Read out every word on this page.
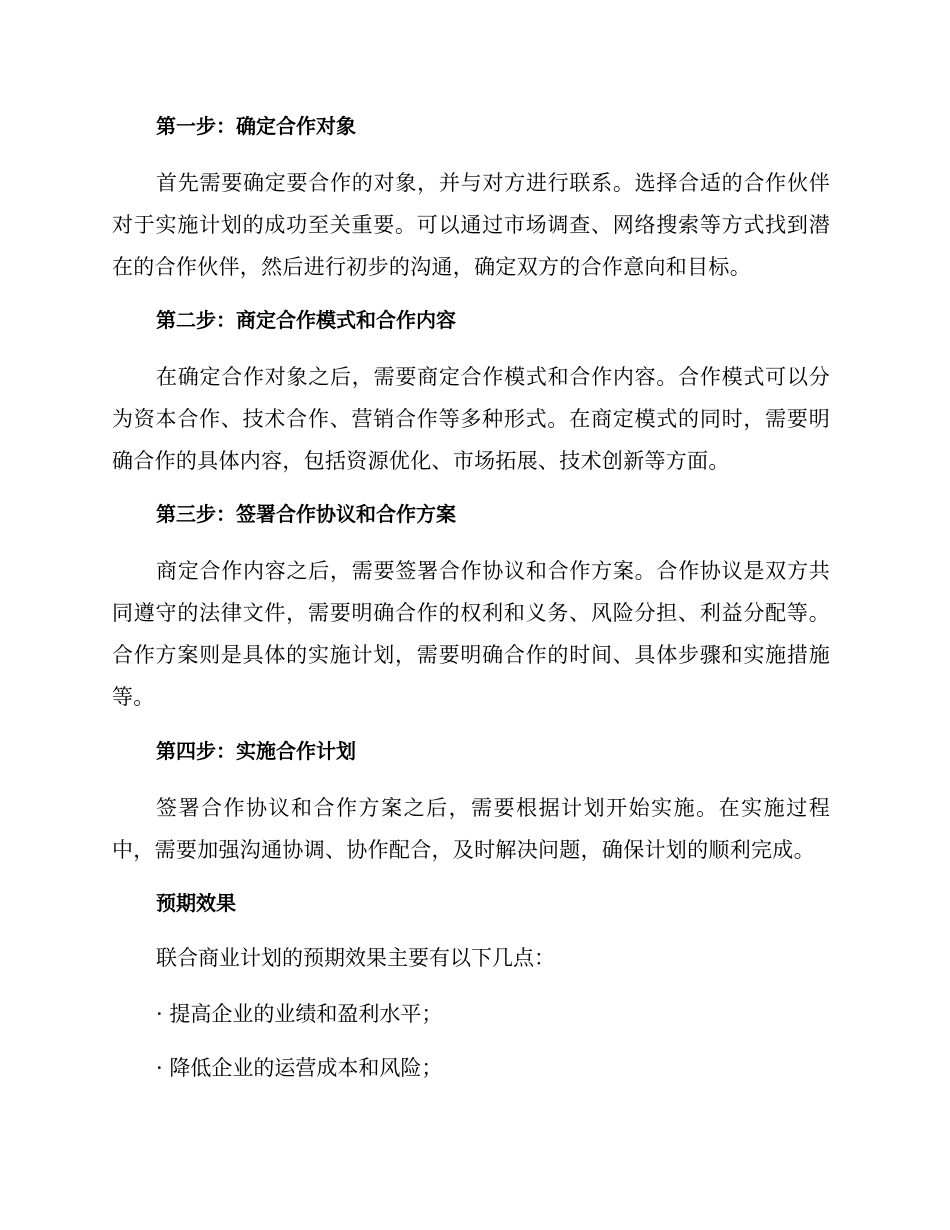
第一步：确定合作对象
首先需要确定要合作的对象，并与对方进行联系。选择合适的合作伙伴对于实施计划的成功至关重要。可以通过市场调查、网络搜索等方式找到潜在的合作伙伴，然后进行初步的沟通，确定双方的合作意向和目标。
第二步：商定合作模式和合作内容
在确定合作对象之后，需要商定合作模式和合作内容。合作模式可以分为资本合作、技术合作、营销合作等多种形式。在商定模式的同时，需要明确合作的具体内容，包括资源优化、市场拓展、技术创新等方面。
第三步：签署合作协议和合作方案
商定合作内容之后，需要签署合作协议和合作方案。合作协议是双方共同遵守的法律文件，需要明确合作的权利和义务、风险分担、利益分配等。合作方案则是具体的实施计划，需要明确合作的时间、具体步骤和实施措施等。
第四步：实施合作计划
签署合作协议和合作方案之后，需要根据计划开始实施。在实施过程中，需要加强沟通协调、协作配合，及时解决问题，确保计划的顺利完成。
预期效果
联合商业计划的预期效果主要有以下几点：
· 提高企业的业绩和盈利水平；
· 降低企业的运营成本和风险；
